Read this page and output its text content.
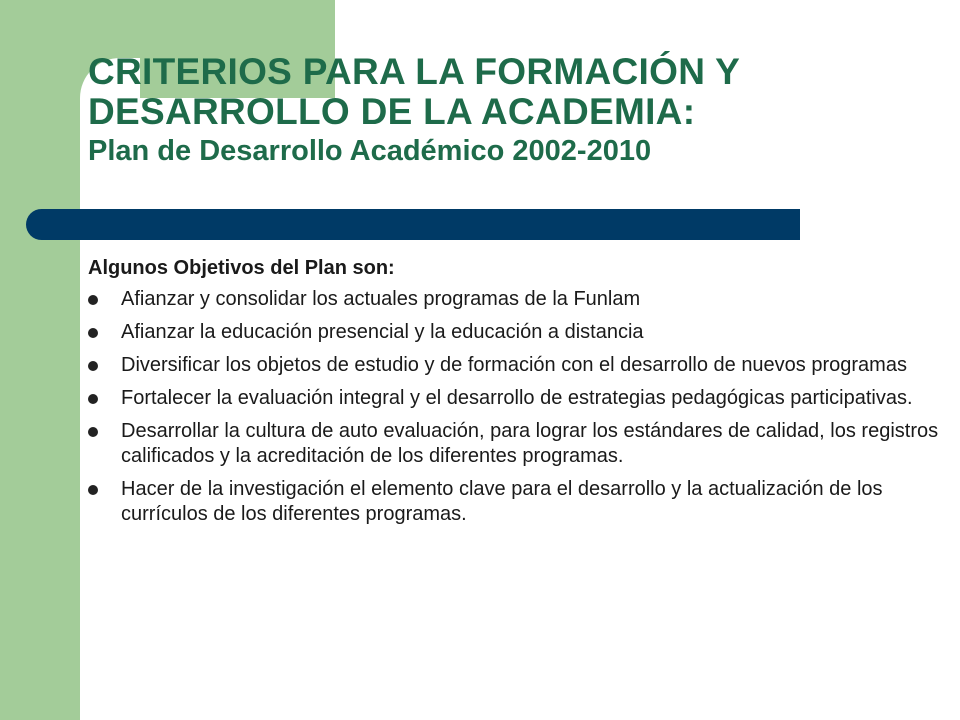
CRITERIOS PARA LA FORMACIÓN Y
DESARROLLO DE LA ACADEMIA:
Plan de Desarrollo Académico 2002-2010
Algunos Objetivos del Plan son:
Afianzar y consolidar los actuales programas de la Funlam
Afianzar la educación presencial y la educación a distancia
Diversificar los objetos de estudio y de formación con el desarrollo de nuevos programas
Fortalecer la evaluación integral y el desarrollo de estrategias pedagógicas participativas.
Desarrollar la cultura de auto evaluación, para lograr los estándares de calidad, los registros calificados y la acreditación de los diferentes programas.
Hacer de la investigación el elemento clave para el desarrollo y la actualización de los currículos de los diferentes programas.
